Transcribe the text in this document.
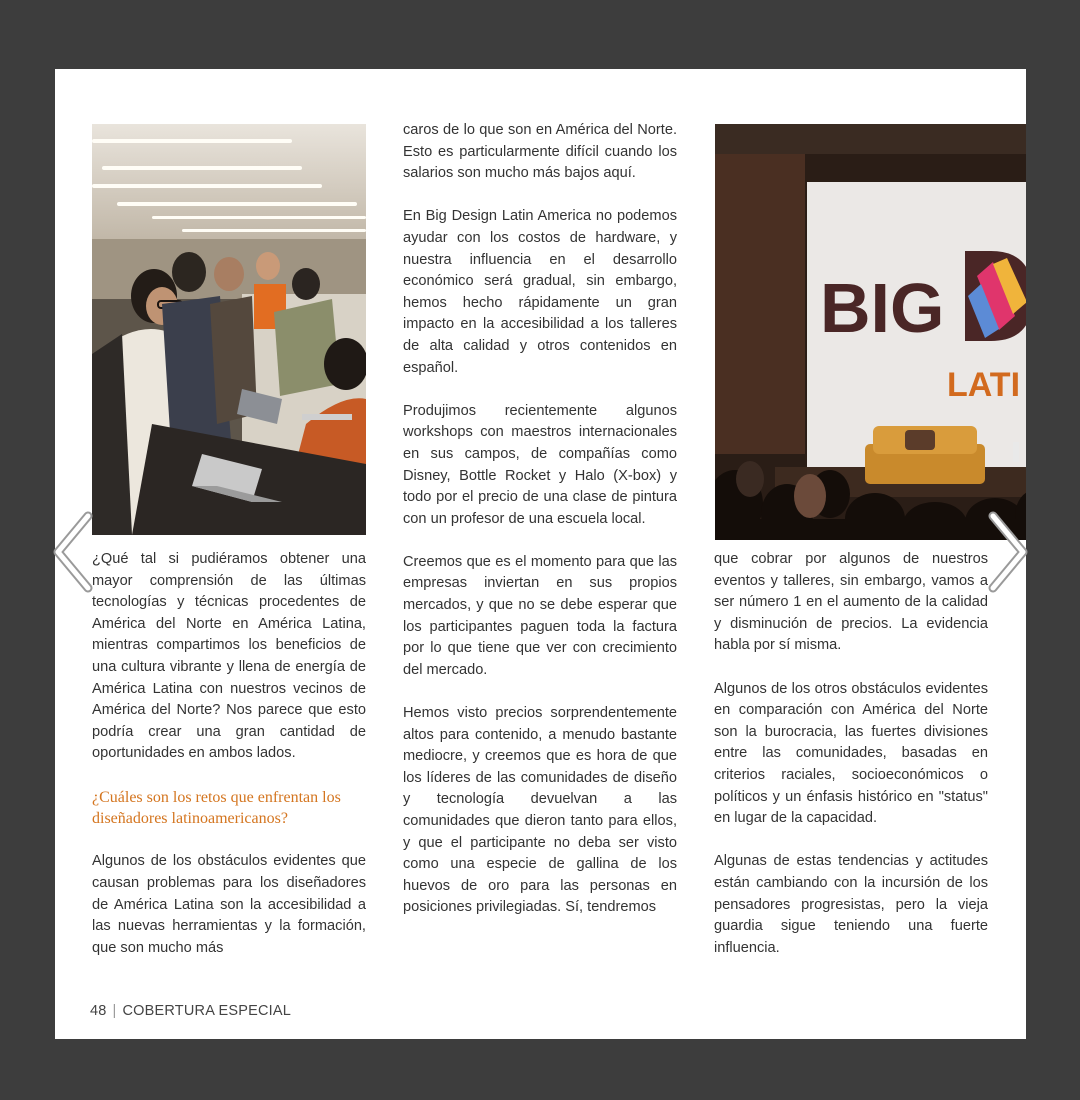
BIG
LATI

¿Qué tal si pudiéramos obtener una mayor comprensión de las últimas tecnologías y técnicas procedentes de América del Norte en América Latina, mientras compartimos los beneficios de una cultura vibrante y llena de energía de América Latina con nuestros vecinos de América del Norte? Nos parece que esto podría crear una gran cantidad de oportunidades en ambos lados.

¿Cuáles son los retos que enfrentan los diseñadores latinoamericanos?

Algunos de los obstáculos evidentes que causan problemas para los diseñadores de América Latina son la accesibilidad a las nuevas herramientas y la formación, que son mucho más

caros de lo que son en América del Norte. Esto es particularmente difícil cuando los salarios son mucho más bajos aquí.

En Big Design Latin America no podemos ayudar con los costos de hardware, y nuestra influencia en el desarrollo económico será gradual, sin embargo, hemos hecho rápidamente un gran impacto en la accesibilidad a los talleres de alta calidad y otros contenidos en español.

Produjimos recientemente algunos workshops con maestros internacionales en sus campos, de compañías como Disney, Bottle Rocket y Halo (X-box) y todo por el precio de una clase de pintura con un profesor de una escuela local.

Creemos que es el momento para que las empresas inviertan en sus propios mercados, y que no se debe esperar que los participantes paguen toda la factura por lo que tiene que ver con crecimiento del mercado.

Hemos visto precios sorprendentemente altos para contenido, a menudo bastante mediocre, y creemos que es hora de que los líderes de las comunidades de diseño y tecnología devuelvan a las comunidades que dieron tanto para ellos, y que el participante no deba ser visto como una especie de gallina de los huevos de oro para las personas en posiciones privilegiadas. Sí, tendremos

que cobrar por algunos de nuestros eventos y talleres, sin embargo, vamos a ser número 1 en el aumento de la calidad y disminución de precios. La evidencia habla por sí misma.

Algunos de los otros obstáculos evidentes en comparación con América del Norte son la burocracia, las fuertes divisiones entre las comunidades, basadas en criterios raciales, socioeconómicos o políticos y un énfasis histórico en "status" en lugar de la capacidad.

Algunas de estas tendencias y actitudes están cambiando con la incursión de los pensadores progresistas, pero la vieja guardia sigue teniendo una fuerte influencia.

48 | COBERTURA ESPECIAL
